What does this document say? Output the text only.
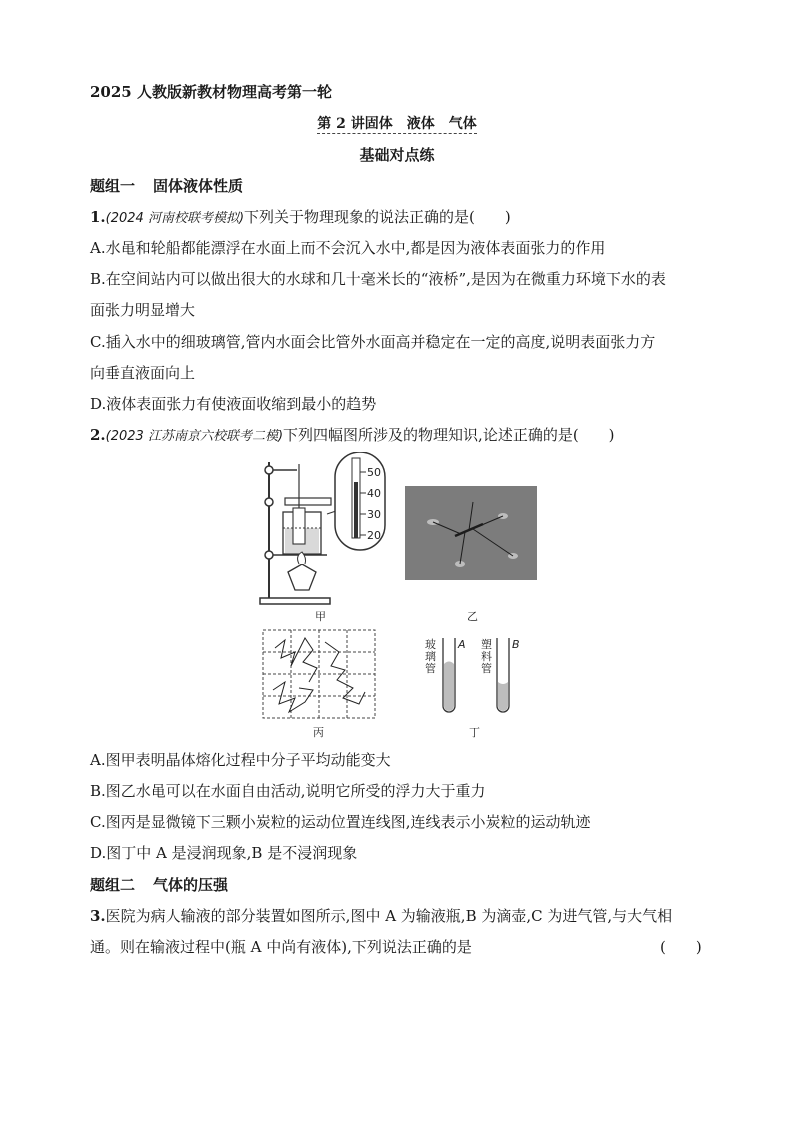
2025 人教版新教材物理高考第一轮
第 2 讲固体　液体　气体
基础对点练
题组一 固体液体性质
1.(2024 河南校联考模拟)下列关于物理现象的说法正确的是(　　)
A.水黾和轮船都能漂浮在水面上而不会沉入水中,都是因为液体表面张力的作用
B.在空间站内可以做出很大的水球和几十毫米长的“液桥”,是因为在微重力环境下水的表
面张力明显增大
C.插入水中的细玻璃管,管内水面会比管外水面高并稳定在一定的高度,说明表面张力方
向垂直液面向上
D.液体表面张力有使液面收缩到最小的趋势
2.(2023 江苏南京六校联考二模)下列四幅图所涉及的物理知识,论述正确的是(　　)
50
40
30
20
甲	乙
丙
玻
璃
管
A 塑
料
管
B
丁
A.图甲表明晶体熔化过程中分子平均动能变大
B.图乙水黾可以在水面自由活动,说明它所受的浮力大于重力
C.图丙是显微镜下三颗小炭粒的运动位置连线图,连线表示小炭粒的运动轨迹
D.图丁中 A 是浸润现象,B 是不浸润现象
题组二 气体的压强
3.医院为病人输液的部分装置如图所示,图中 A 为输液瓶,B 为滴壶,C 为进气管,与大气相
通。则在输液过程中(瓶 A 中尚有液体),下列说法正确的是	(　　)
